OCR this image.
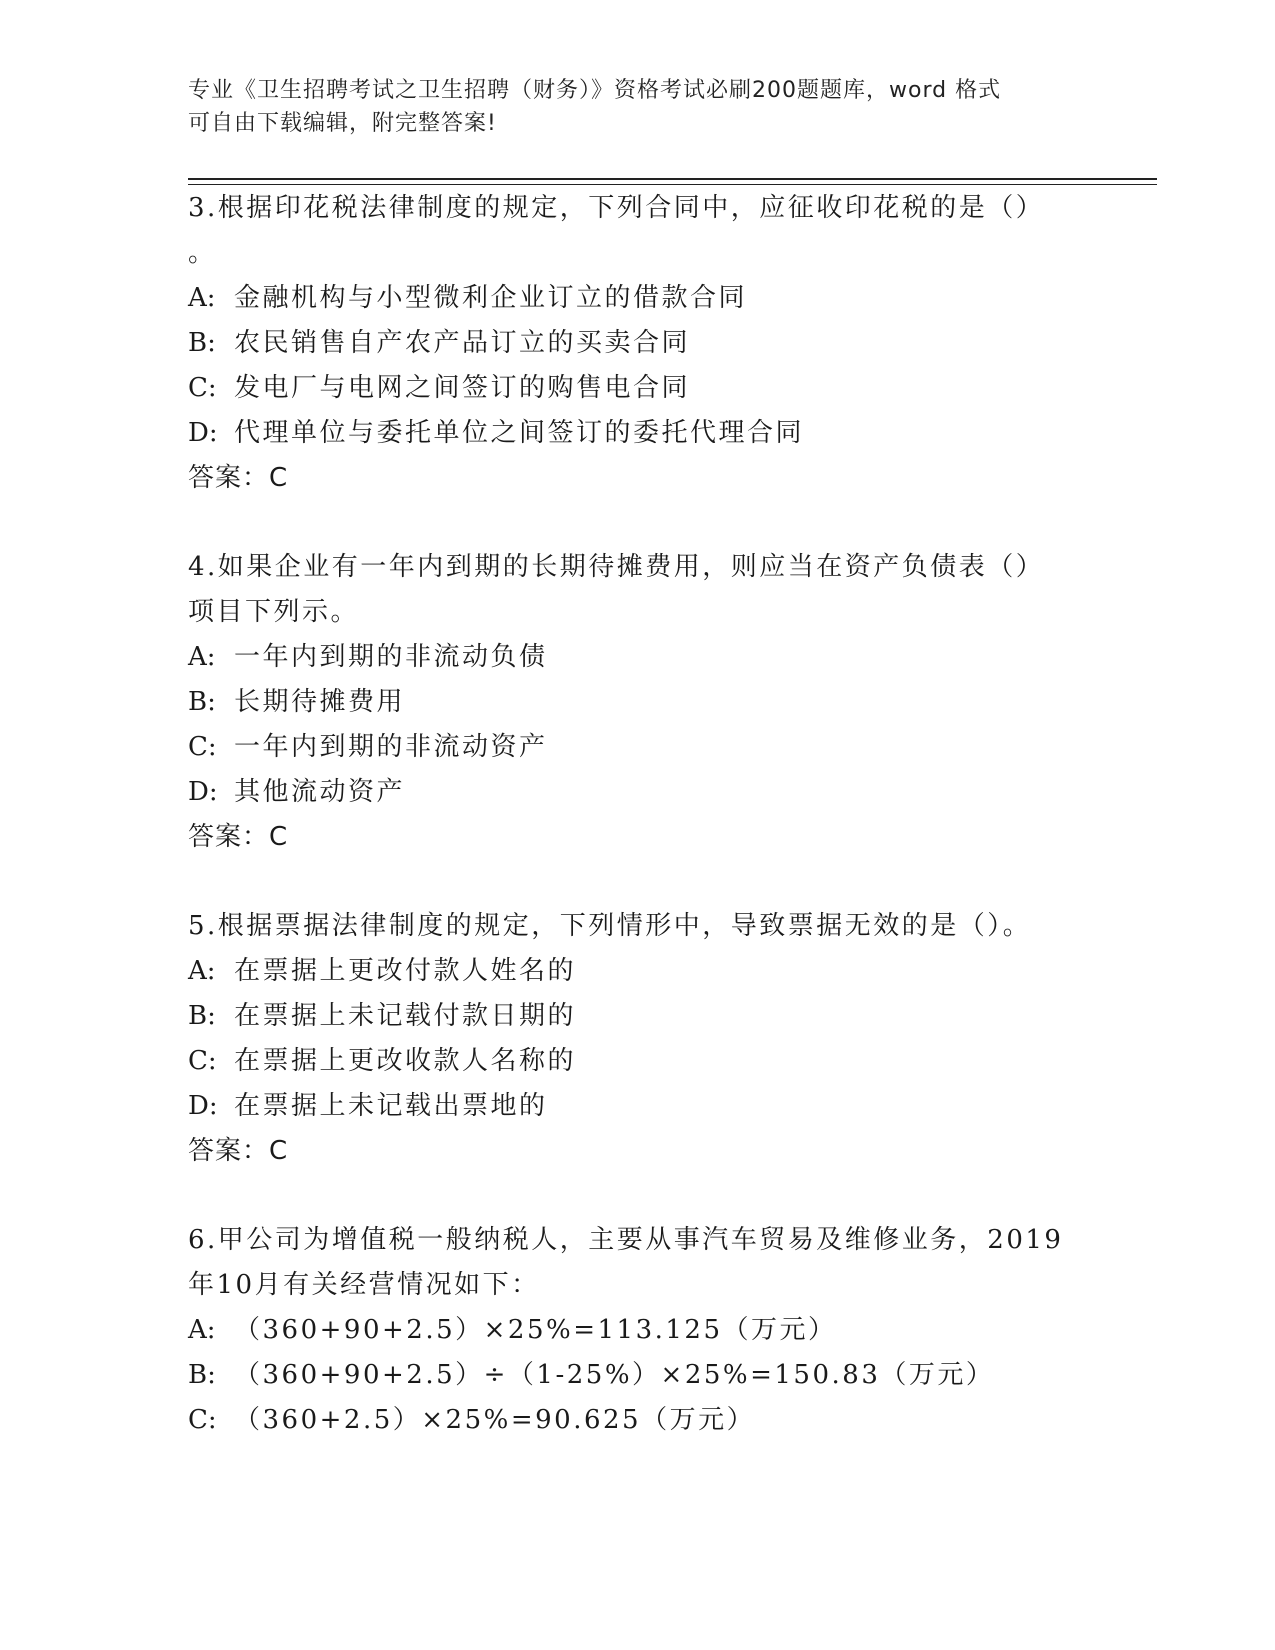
专业《卫生招聘考试之卫生招聘（财务）》资格考试必刷200题题库，word 格式
可自由下载编辑，附完整答案!
3.根据印花税法律制度的规定，下列合同中，应征收印花税的是（）
。
A: 金融机构与小型微利企业订立的借款合同
B: 农民销售自产农产品订立的买卖合同
C: 发电厂与电网之间签订的购售电合同
D: 代理单位与委托单位之间签订的委托代理合同
答案：C
4.如果企业有一年内到期的长期待摊费用，则应当在资产负债表（）
项目下列示。
A: 一年内到期的非流动负债
B: 长期待摊费用
C: 一年内到期的非流动资产
D: 其他流动资产
答案：C
5.根据票据法律制度的规定，下列情形中，导致票据无效的是（）。
A: 在票据上更改付款人姓名的
B: 在票据上未记载付款日期的
C: 在票据上更改收款人名称的
D: 在票据上未记载出票地的
答案：C
6.甲公司为增值税一般纳税人，主要从事汽车贸易及维修业务，2019
年10月有关经营情况如下：
A: （360+90+2.5）×25%=113.125（万元）
B: （360+90+2.5）÷（1-25%）×25%=150.83（万元）
C: （360+2.5）×25%=90.625（万元）
